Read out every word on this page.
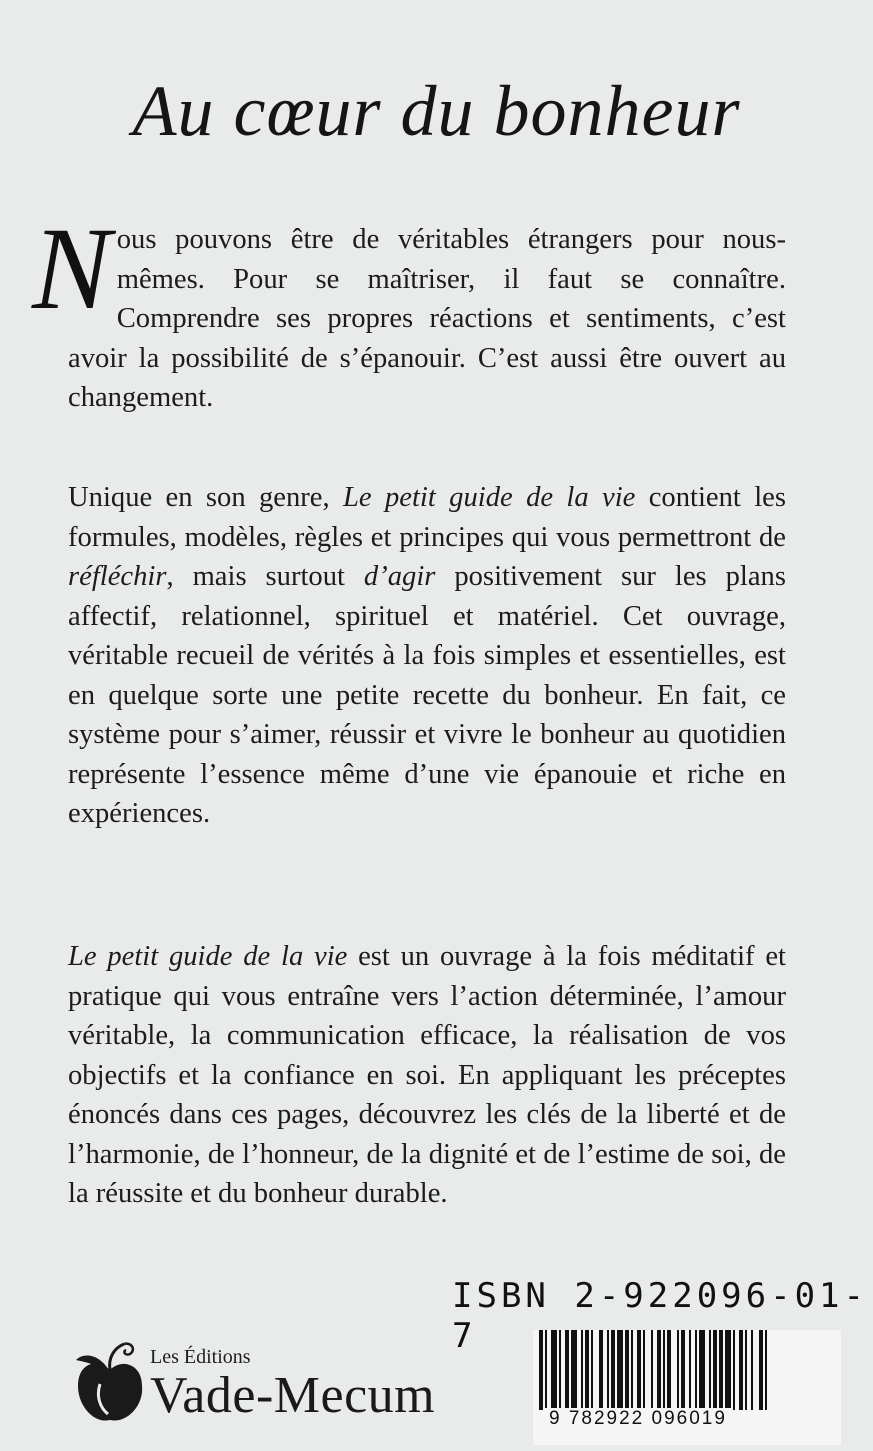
Au cœur du bonheur
Nous pouvons être de véritables étrangers pour nous-mêmes. Pour se maîtriser, il faut se connaître. Comprendre ses propres réactions et sentiments, c’est avoir la possibilité de s’épanouir. C’est aussi être ouvert au changement.
Unique en son genre, Le petit guide de la vie contient les formules, modèles, règles et principes qui vous permettront de réfléchir, mais surtout d’agir positivement sur les plans affectif, relationnel, spirituel et matériel. Cet ouvrage, véritable recueil de vérités à la fois simples et essentielles, est en quelque sorte une petite recette du bonheur. En fait, ce système pour s’aimer, réussir et vivre le bonheur au quotidien représente l’essence même d’une vie épanouie et riche en expériences.
Le petit guide de la vie est un ouvrage à la fois méditatif et pratique qui vous entraîne vers l’action déterminée, l’amour véritable, la communication efficace, la réalisation de vos objectifs et la confiance en soi. En appliquant les préceptes énoncés dans ces pages, découvrez les clés de la liberté et de l’harmonie, de l’honneur, de la dignité et de l’estime de soi, de la réussite et du bonheur durable.
ISBN 2-922096-01-7
9 782922 096019
Les Éditions
Vade-Mecum
